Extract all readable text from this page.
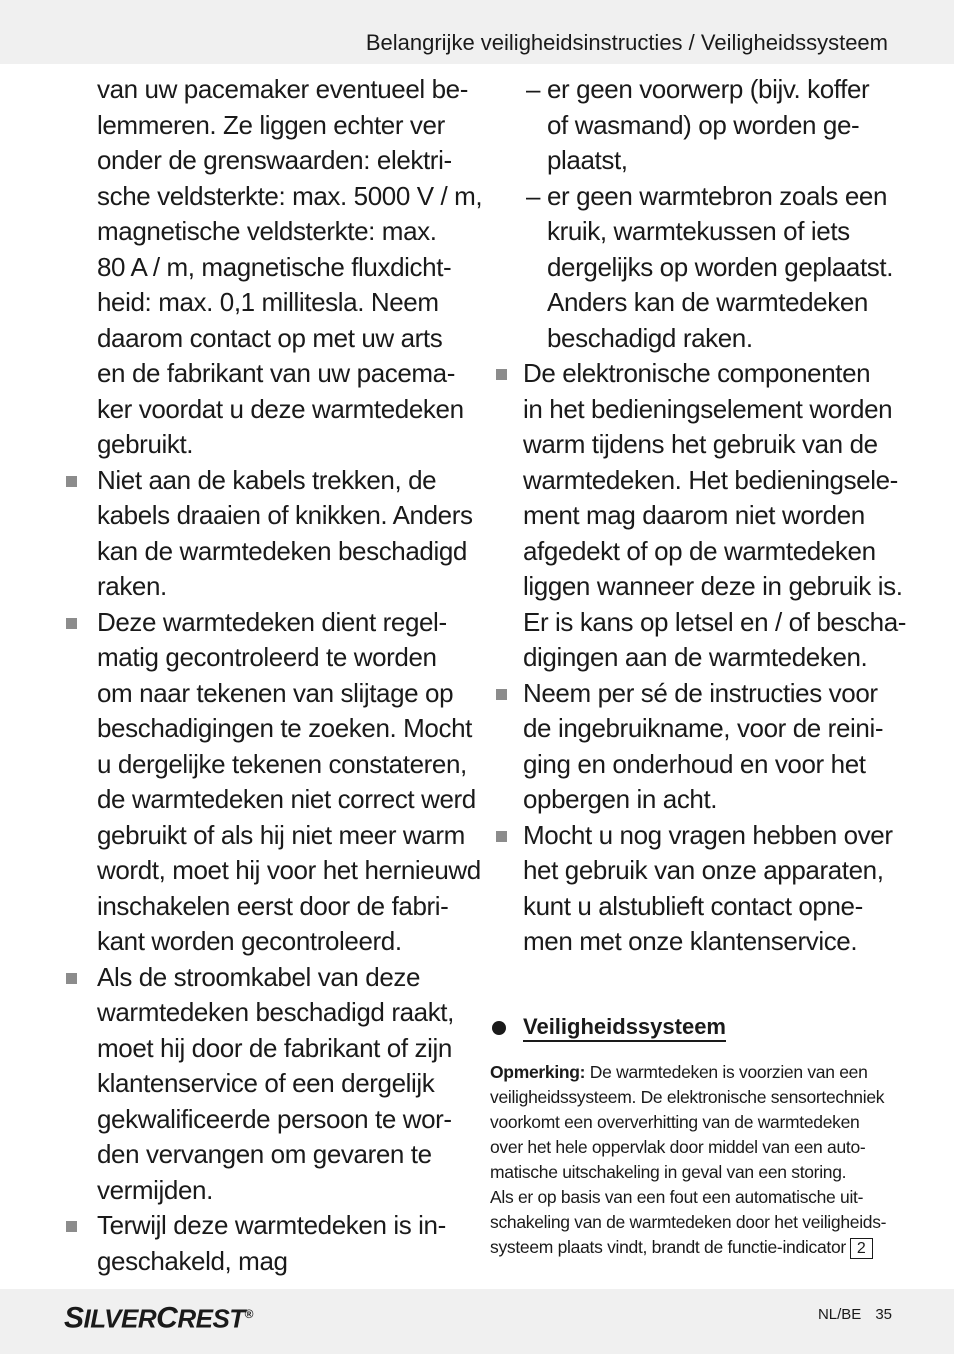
Belangrijke veiligheidsinstructies / Veiligheidssysteem
van uw pacemaker eventueel be-
lemmeren. Ze liggen echter ver
onder de grenswaarden: elektri-
sche veldsterkte: max. 5000 V / m,
magnetische veldsterkte: max.
80 A / m, magnetische fluxdicht-
heid: max. 0,1 millitesla. Neem
daarom contact op met uw arts
en de fabrikant van uw pacema-
ker voordat u deze warmtedeken
gebruikt.
Niet aan de kabels trekken, de
kabels draaien of knikken. Anders
kan de warmtedeken beschadigd
raken.
Deze warmtedeken dient regel-
matig gecontroleerd te worden
om naar tekenen van slijtage op
beschadigingen te zoeken. Mocht
u dergelijke tekenen constateren,
de warmtedeken niet correct werd
gebruikt of als hij niet meer warm
wordt, moet hij voor het hernieuwd
inschakelen eerst door de fabri-
kant worden gecontroleerd.
Als de stroomkabel van deze
warmtedeken beschadigd raakt,
moet hij door de fabrikant of zijn
klantenservice of een dergelijk
gekwalificeerde persoon te wor-
den vervangen om gevaren te
vermijden.
Terwijl deze warmtedeken is in-
geschakeld, mag
– er geen voorwerp (bijv. koffer
of wasmand) op worden ge-
plaatst,
– er geen warmtebron zoals een
kruik, warmtekussen of iets
dergelijks op worden geplaatst.
Anders kan de warmtedeken
beschadigd raken.
De elektronische componenten
in het bedieningselement worden
warm tijdens het gebruik van de
warmtedeken. Het bedieningsele-
ment mag daarom niet worden
afgedekt of op de warmtedeken
liggen wanneer deze in gebruik is.
Er is kans op letsel en / of bescha-
digingen aan de warmtedeken.
Neem per sé de instructies voor
de ingebruikname, voor de reini-
ging en onderhoud en voor het
opbergen in acht.
Mocht u nog vragen hebben over
het gebruik van onze apparaten,
kunt u alstublieft contact opne-
men met onze klantenservice.
Veiligheidssysteem
Opmerking: De warmtedeken is voorzien van een
veiligheidssysteem. De elektronische sensortechniek
voorkomt een oververhitting van de warmtedeken
over het hele oppervlak door middel van een auto-
matische uitschakeling in geval van een storing.
Als er op basis van een fout een automatische uit-
schakeling van de warmtedeken door het veiligheids-
systeem plaats vindt, brandt de functie-indicator 2
SILVERCREST®	NL/BE 35
